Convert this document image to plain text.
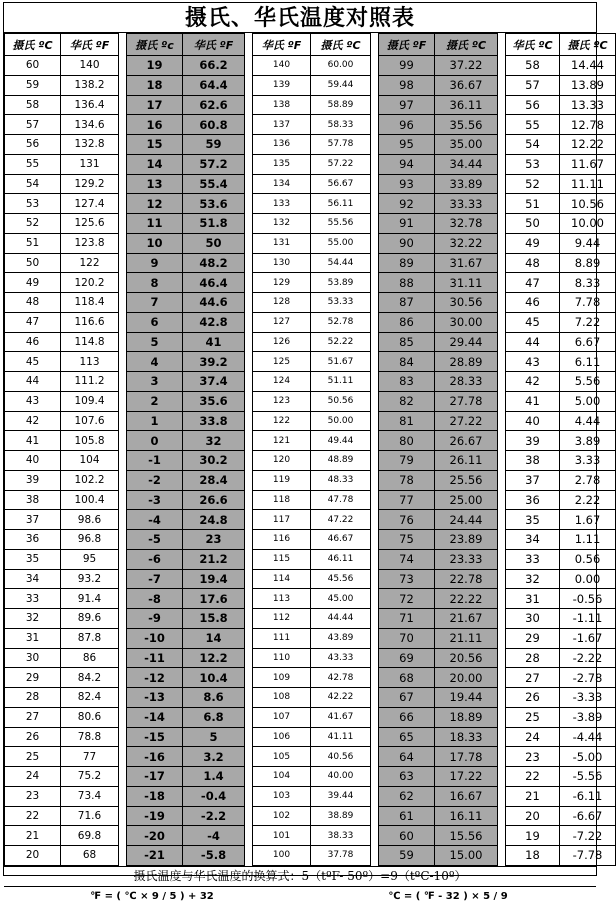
摄氏、华氏温度对照表
摄氏 ºC	华氏 ºF		摄氏 ºc	华氏 ºF		华氏 ºF	摄氏 ºC		摄氏 ºF	摄氏 ºC		华氏 ºC	摄氏 ºC
60	140		19	66.2		140	60.00		99	37.22		58	14.44
59	138.2		18	64.4		139	59.44		98	36.67		57	13.89
58	136.4		17	62.6		138	58.89		97	36.11		56	13.33
57	134.6		16	60.8		137	58.33		96	35.56		55	12.78
56	132.8		15	59		136	57.78		95	35.00		54	12.22
55	131		14	57.2		135	57.22		94	34.44		53	11.67
54	129.2		13	55.4		134	56.67		93	33.89		52	11.11
53	127.4		12	53.6		133	56.11		92	33.33		51	10.56
52	125.6		11	51.8		132	55.56		91	32.78		50	10.00
51	123.8		10	50		131	55.00		90	32.22		49	9.44
50	122		9	48.2		130	54.44		89	31.67		48	8.89
49	120.2		8	46.4		129	53.89		88	31.11		47	8.33
48	118.4		7	44.6		128	53.33		87	30.56		46	7.78
47	116.6		6	42.8		127	52.78		86	30.00		45	7.22
46	114.8		5	41		126	52.22		85	29.44		44	6.67
45	113		4	39.2		125	51.67		84	28.89		43	6.11
44	111.2		3	37.4		124	51.11		83	28.33		42	5.56
43	109.4		2	35.6		123	50.56		82	27.78		41	5.00
42	107.6		1	33.8		122	50.00		81	27.22		40	4.44
41	105.8		0	32		121	49.44		80	26.67		39	3.89
40	104		-1	30.2		120	48.89		79	26.11		38	3.33
39	102.2		-2	28.4		119	48.33		78	25.56		37	2.78
38	100.4		-3	26.6		118	47.78		77	25.00		36	2.22
37	98.6		-4	24.8		117	47.22		76	24.44		35	1.67
36	96.8		-5	23		116	46.67		75	23.89		34	1.11
35	95		-6	21.2		115	46.11		74	23.33		33	0.56
34	93.2		-7	19.4		114	45.56		73	22.78		32	0.00
33	91.4		-8	17.6		113	45.00		72	22.22		31	-0.56
32	89.6		-9	15.8		112	44.44		71	21.67		30	-1.11
31	87.8		-10	14		111	43.89		70	21.11		29	-1.67
30	86		-11	12.2		110	43.33		69	20.56		28	-2.22
29	84.2		-12	10.4		109	42.78		68	20.00		27	-2.78
28	82.4		-13	8.6		108	42.22		67	19.44		26	-3.33
27	80.6		-14	6.8		107	41.67		66	18.89		25	-3.89
26	78.8		-15	5		106	41.11		65	18.33		24	-4.44
25	77		-16	3.2		105	40.56		64	17.78		23	-5.00
24	75.2		-17	1.4		104	40.00		63	17.22		22	-5.56
23	73.4		-18	-0.4		103	39.44		62	16.67		21	-6.11
22	71.6		-19	-2.2		102	38.89		61	16.11		20	-6.67
21	69.8		-20	-4		101	38.33		60	15.56		19	-7.22
20	68		-21	-5.8		100	37.78		59	15.00		18	-7.78
摄氏温度与华氏温度的换算式：5（tºF- 50º）=9（tºC-10º）
℉ = ( ℃ × 9 / 5 ) + 32	℃ = ( ℉ - 32 ) × 5 / 9
